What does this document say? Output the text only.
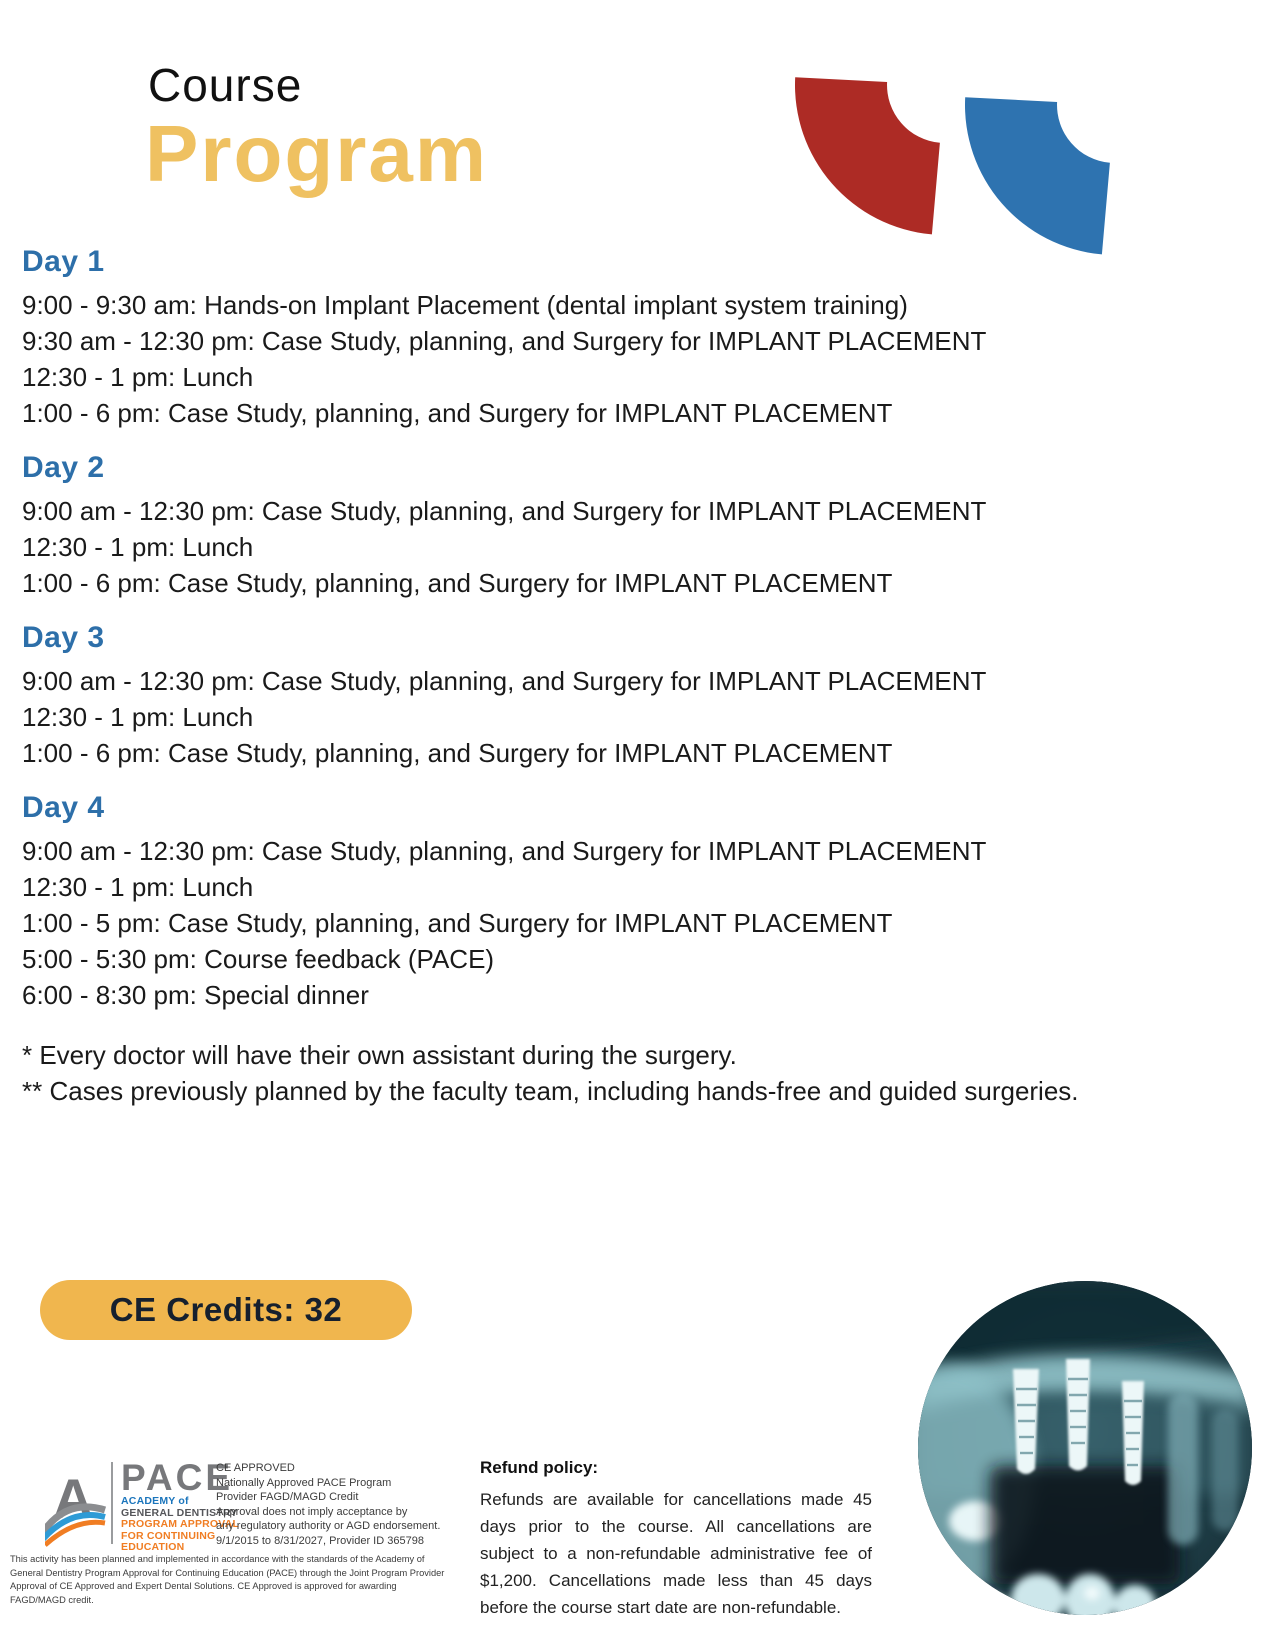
Course
Program
Day 1
9:00 - 9:30 am: Hands-on Implant Placement (dental implant system training)
9:30 am - 12:30 pm: Case Study, planning, and Surgery for IMPLANT PLACEMENT
12:30 - 1 pm: Lunch
1:00 - 6 pm: Case Study, planning, and Surgery for IMPLANT PLACEMENT
Day 2
9:00 am - 12:30 pm: Case Study, planning, and Surgery for IMPLANT PLACEMENT
12:30 - 1 pm: Lunch
1:00 - 6 pm: Case Study, planning, and Surgery for IMPLANT PLACEMENT
Day 3
9:00 am - 12:30 pm: Case Study, planning, and Surgery for IMPLANT PLACEMENT
12:30 - 1 pm: Lunch
1:00 - 6 pm: Case Study, planning, and Surgery for IMPLANT PLACEMENT
Day 4
9:00 am - 12:30 pm: Case Study, planning, and Surgery for IMPLANT PLACEMENT
12:30 - 1 pm: Lunch
1:00 - 5 pm: Case Study, planning, and Surgery for IMPLANT PLACEMENT
5:00 - 5:30 pm: Course feedback (PACE)
6:00 - 8:30 pm: Special dinner
* Every doctor will have their own assistant during the surgery.
** Cases previously planned by the faculty team, including hands-free and guided surgeries.
CE Credits: 32
A PACE
ACADEMY of
GENERAL DENTISTRY
PROGRAM APPROVAL
FOR CONTINUING
EDUCATION
CE APPROVED
Nationally Approved PACE Program
Provider FAGD/MAGD Credit
Approval does not imply acceptance by
any regulatory authority or AGD endorsement.
9/1/2015 to 8/31/2027, Provider ID 365798
This activity has been planned and implemented in accordance with the standards of the Academy of General Dentistry Program Approval for Continuing Education (PACE) through the Joint Program Provider Approval of CE Approved and Expert Dental Solutions. CE Approved is approved for awarding FAGD/MAGD credit.
Refund policy:
Refunds are available for cancellations made 45 days prior to the course. All cancellations are subject to a non-refundable administrative fee of $1,200. Cancellations made less than 45 days before the course start date are non-refundable.
